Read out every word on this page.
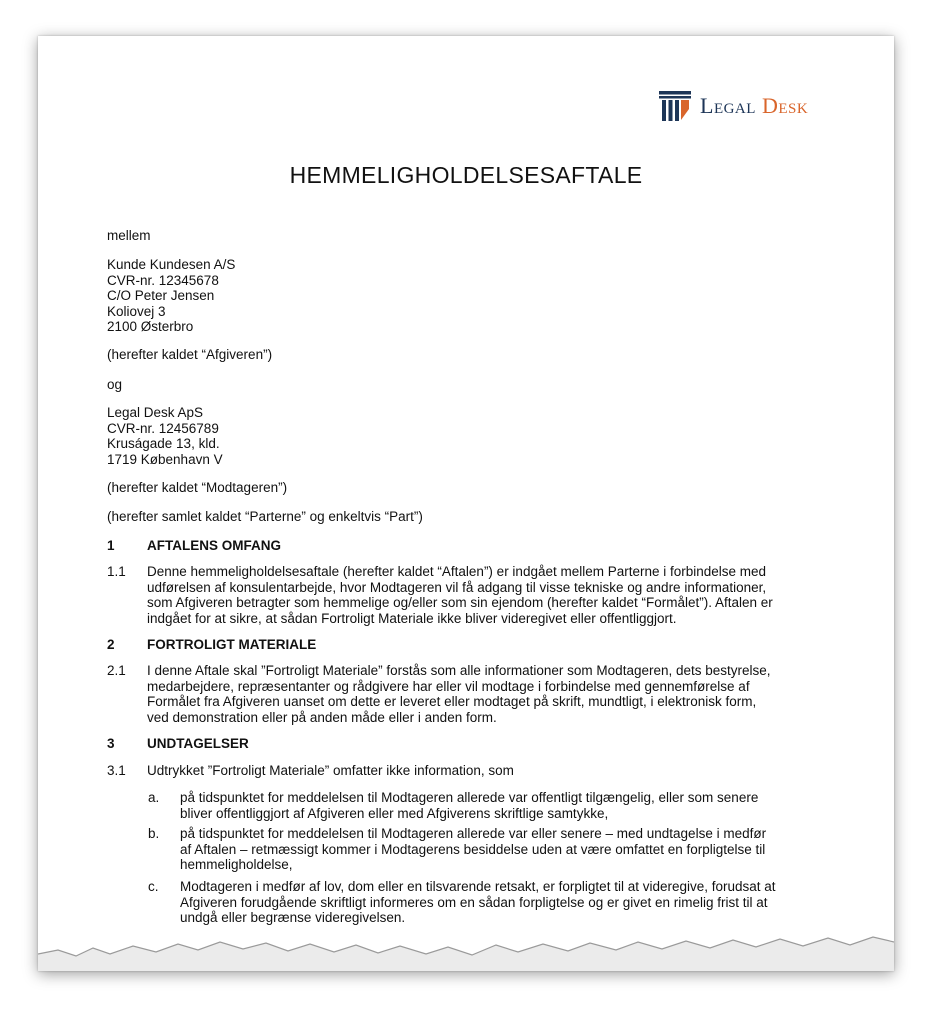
Legal Desk
HEMMELIGHOLDELSESAFTALE
mellem
Kunde Kundesen A/S
CVR-nr. 12345678
C/O Peter Jensen
Koliovej 3
2100 Østerbro
(herefter kaldet “Afgiveren”)
og
Legal Desk ApS
CVR-nr. 12456789
Kruságade 13, kld.
1719 København V
(herefter kaldet “Modtageren”)
(herefter samlet kaldet “Parterne” og enkeltvis “Part”)
1 AFTALENS OMFANG
1.1 Denne hemmeligholdelsesaftale (herefter kaldet “Aftalen”) er indgået mellem Parterne i forbindelse med
udførelsen af konsulentarbejde, hvor Modtageren vil få adgang til visse tekniske og andre informationer,
som Afgiveren betragter som hemmelige og/eller som sin ejendom (herefter kaldet “Formålet”). Aftalen er
indgået for at sikre, at sådan Fortroligt Materiale ikke bliver videregivet eller offentliggjort.
2 FORTROLIGT MATERIALE
2.1 I denne Aftale skal ”Fortroligt Materiale” forstås som alle informationer som Modtageren, dets bestyrelse,
medarbejdere, repræsentanter og rådgivere har eller vil modtage i forbindelse med gennemførelse af
Formålet fra Afgiveren uanset om dette er leveret eller modtaget på skrift, mundtligt, i elektronisk form,
ved demonstration eller på anden måde eller i anden form.
3 UNDTAGELSER
3.1 Udtrykket ”Fortroligt Materiale” omfatter ikke information, som
a. på tidspunktet for meddelelsen til Modtageren allerede var offentligt tilgængelig, eller som senere
bliver offentliggjort af Afgiveren eller med Afgiverens skriftlige samtykke,
b. på tidspunktet for meddelelsen til Modtageren allerede var eller senere – med undtagelse i medfør
af Aftalen – retmæssigt kommer i Modtagerens besiddelse uden at være omfattet en forpligtelse til
hemmeligholdelse,
c. Modtageren i medfør af lov, dom eller en tilsvarende retsakt, er forpligtet til at videregive, forudsat at
Afgiveren forudgående skriftligt informeres om en sådan forpligtelse og er givet en rimelig frist til at
undgå eller begrænse videregivelsen.
